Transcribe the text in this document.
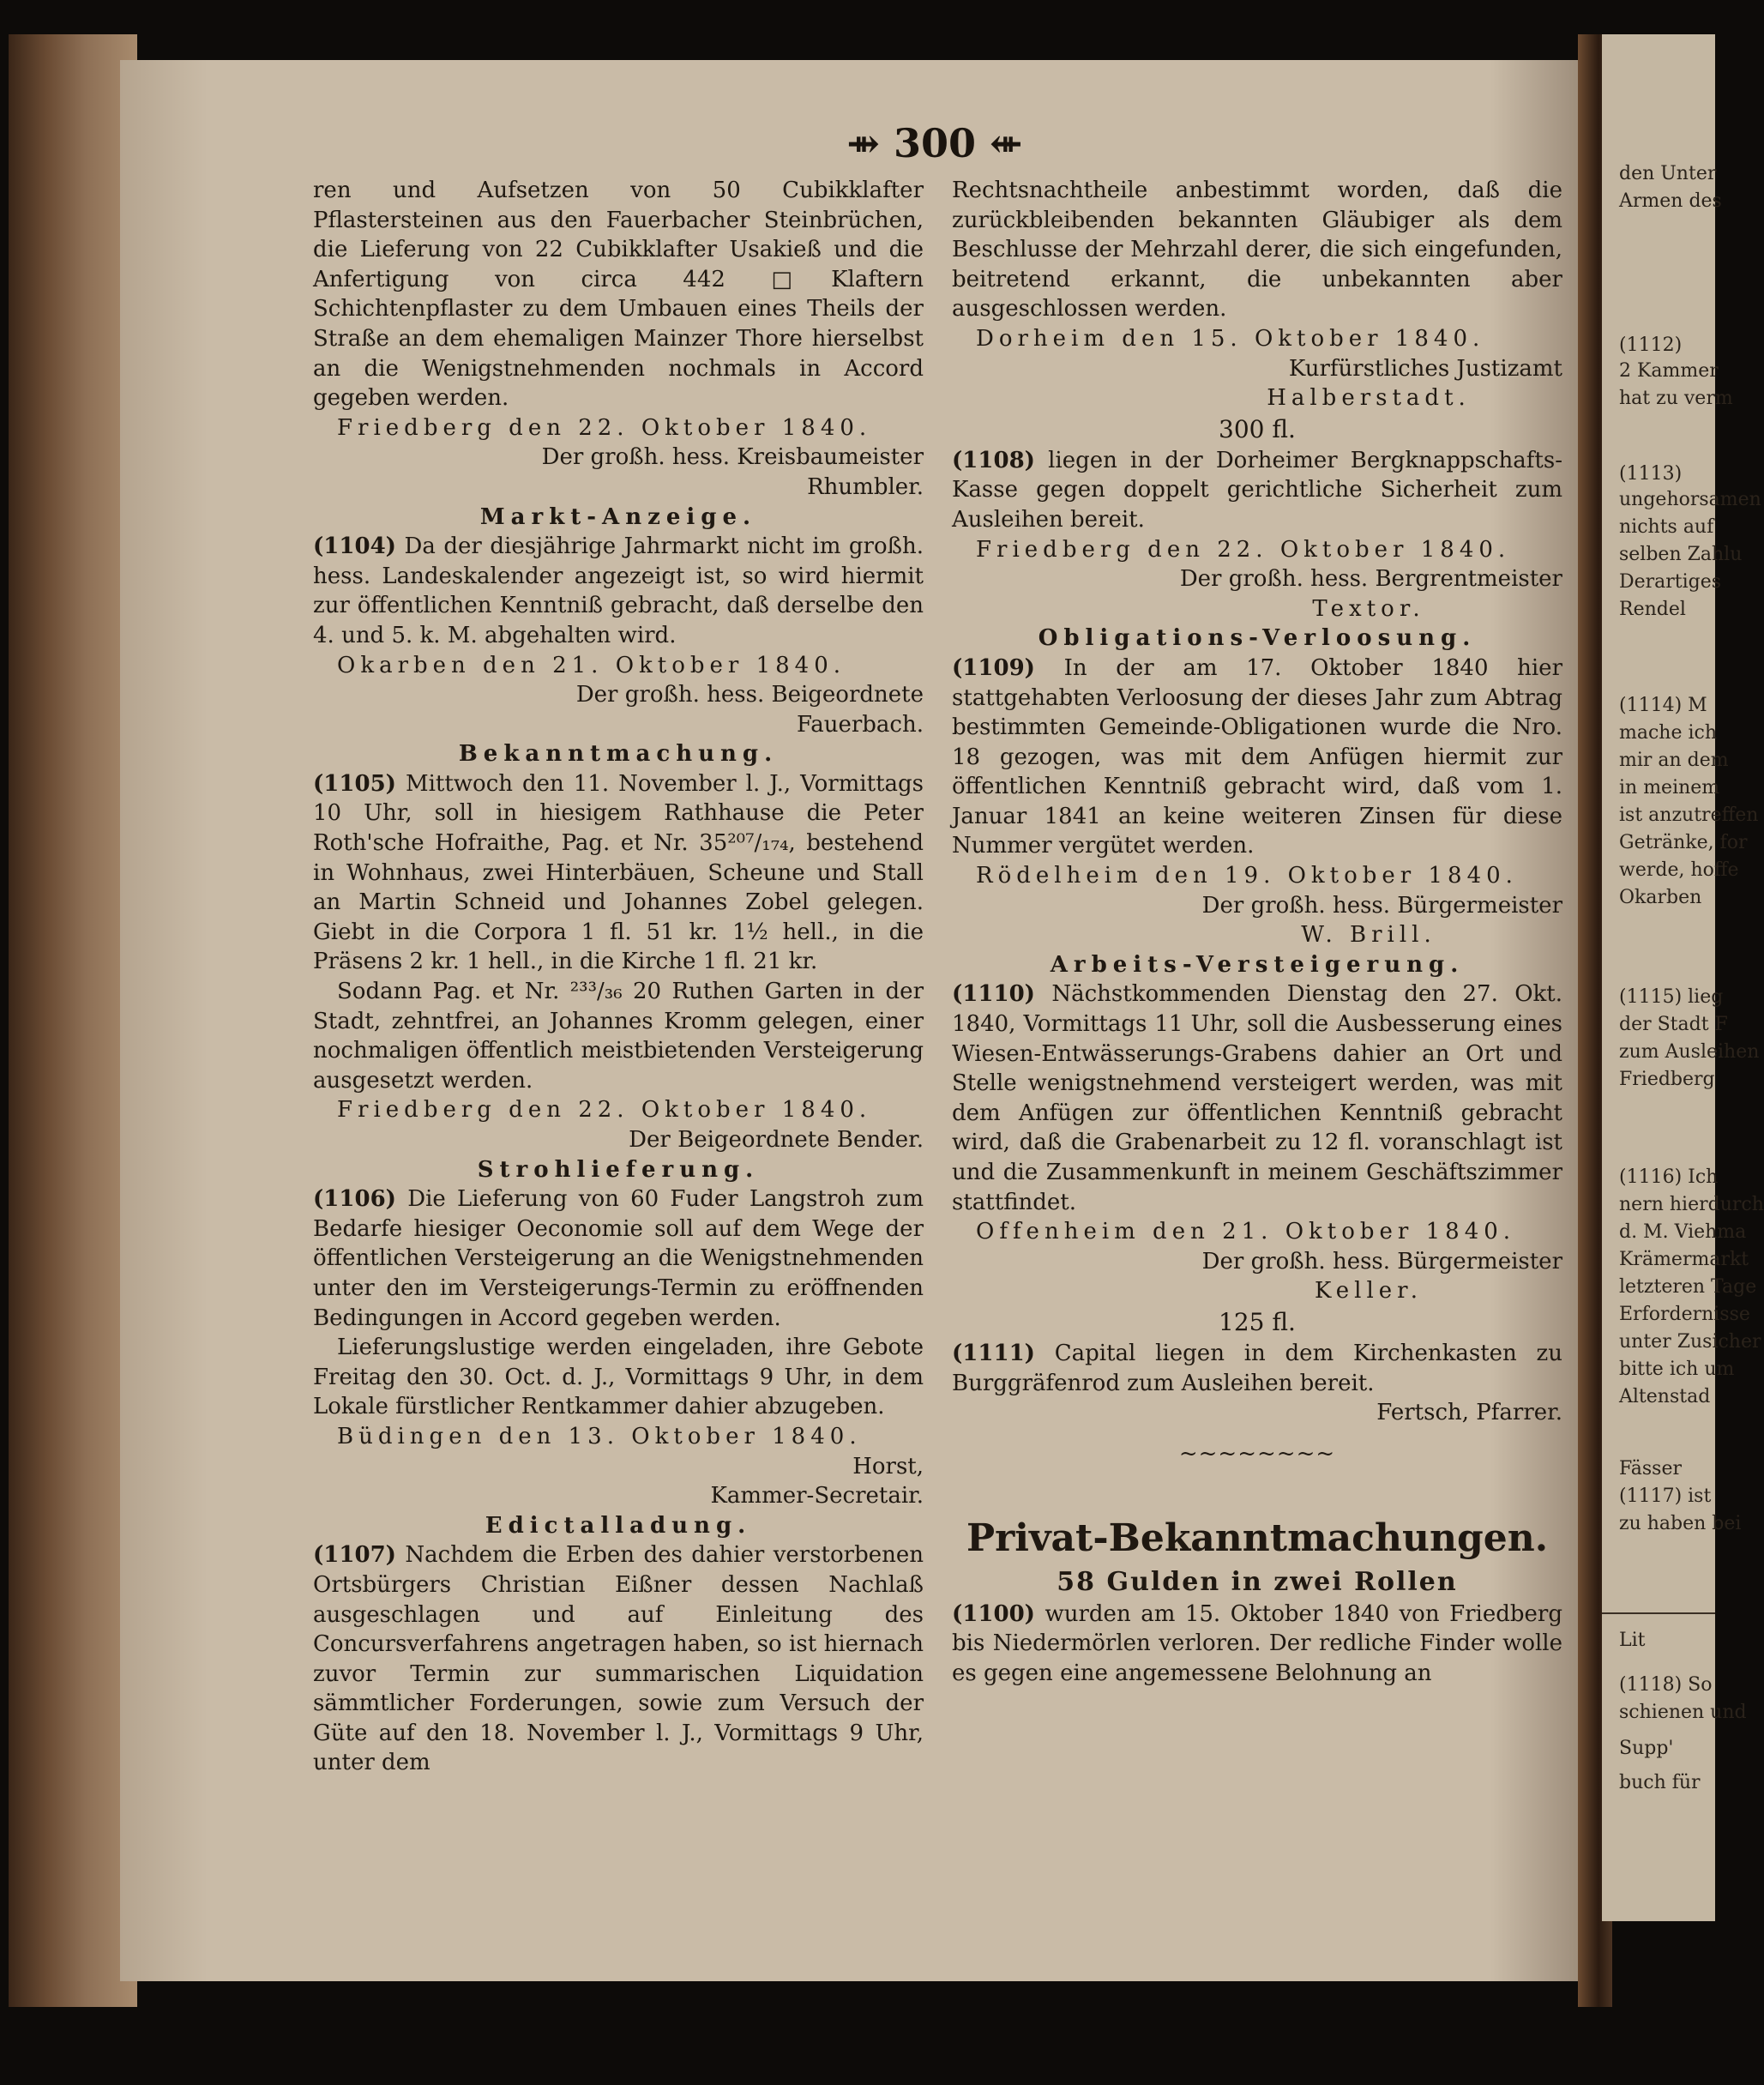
den Unter
Armen des
(1112)
2 Kammer
hat zu verm
(1113)
ungehorsamen
nichts auf
selben Zahlu
Derartiges
Rendel
(1114) M
mache ich
mir an dem
in meinem
ist anzutreffen
Getränke, for
werde, hoffe
Okarben
(1115) lieg
der Stadt F
zum Ausleihen
Friedberg
(1116) Ich
nern hierdurch
d. M. Viehma
Krämermarkt
letzteren Tage
Erfordernisse
unter Zusicher
bitte ich um
Altenstad
Fässer
(1117) ist
zu haben bei
Lit
(1118) So
schienen und
Supp'
buch für
⇻ 300 ⇺

ren und Aufsetzen von 50 Cubikklafter Pflastersteinen aus den Fauerbacher Steinbrüchen, die Lieferung von 22 Cubikklafter Usakieß und die Anfertigung von circa 442 □Klaftern Schichtenpflaster zu dem Umbauen eines Theils der Straße an dem ehemaligen Mainzer Thore hierselbst an die Wenigstnehmenden nochmals in Accord gegeben werden.

Friedberg den 22. Oktober 1840.

Der großh. hess. Kreisbaumeister

Rhumbler.

Markt-Anzeige.

(1104) Da der diesjährige Jahrmarkt nicht im großh. hess. Landeskalender angezeigt ist, so wird hiermit zur öffentlichen Kenntniß gebracht, daß derselbe den 4. und 5. k. M. abgehalten wird.

Okarben den 21. Oktober 1840.

Der großh. hess. Beigeordnete

Fauerbach.

Bekanntmachung.

(1105) Mittwoch den 11. November l. J., Vormittags 10 Uhr, soll in hiesigem Rathhause die Peter Roth'sche Hofraithe, Pag. et Nr. 35²⁰⁷/₁₇₄, bestehend in Wohnhaus, zwei Hinterbäuen, Scheune und Stall an Martin Schneid und Johannes Zobel gelegen. Giebt in die Corpora 1 fl. 51 kr. 1½ hell., in die Präsens 2 kr. 1 hell., in die Kirche 1 fl. 21 kr.

Sodann Pag. et Nr. ²³³/₃₆ 20 Ruthen Garten in der Stadt, zehntfrei, an Johannes Kromm gelegen, einer nochmaligen öffentlich meistbietenden Versteigerung ausgesetzt werden.

Friedberg den 22. Oktober 1840.

Der Beigeordnete Bender.

Strohlieferung.

(1106) Die Lieferung von 60 Fuder Langstroh zum Bedarfe hiesiger Oeconomie soll auf dem Wege der öffentlichen Versteigerung an die Wenigstnehmenden unter den im Versteigerungs-Termin zu eröffnenden Bedingungen in Accord gegeben werden.

Lieferungslustige werden eingeladen, ihre Gebote Freitag den 30. Oct. d. J., Vormittags 9 Uhr, in dem Lokale fürstlicher Rentkammer dahier abzugeben.

Büdingen den 13. Oktober 1840.

Horst,

Kammer-Secretair.

Edictalladung.

(1107) Nachdem die Erben des dahier verstorbenen Ortsbürgers Christian Eißner dessen Nachlaß ausgeschlagen und auf Einleitung des Concursverfahrens angetragen haben, so ist hiernach zuvor Termin zur summarischen Liquidation sämmtlicher Forderungen, sowie zum Versuch der Güte auf den 18. November l. J., Vormittags 9 Uhr, unter dem

Rechtsnachtheile anbestimmt worden, daß die zurückbleibenden bekannten Gläubiger als dem Beschlusse der Mehrzahl derer, die sich eingefunden, beitretend erkannt, die unbekannten aber ausgeschlossen werden.

Dorheim den 15. Oktober 1840.

Kurfürstliches Justizamt

Halberstadt.

300 fl.

(1108) liegen in der Dorheimer Bergknappschafts-Kasse gegen doppelt gerichtliche Sicherheit zum Ausleihen bereit.

Friedberg den 22. Oktober 1840.

Der großh. hess. Bergrentmeister

Textor.

Obligations-Verloosung.

(1109) In der am 17. Oktober 1840 hier stattgehabten Verloosung der dieses Jahr zum Abtrag bestimmten Gemeinde-Obligationen wurde die Nro. 18 gezogen, was mit dem Anfügen hiermit zur öffentlichen Kenntniß gebracht wird, daß vom 1. Januar 1841 an keine weiteren Zinsen für diese Nummer vergütet werden.

Rödelheim den 19. Oktober 1840.

Der großh. hess. Bürgermeister

W. Brill.

Arbeits-Versteigerung.

(1110) Nächstkommenden Dienstag den 27. Okt. 1840, Vormittags 11 Uhr, soll die Ausbesserung eines Wiesen-Entwässerungs-Grabens dahier an Ort und Stelle wenigstnehmend versteigert werden, was mit dem Anfügen zur öffentlichen Kenntniß gebracht wird, daß die Grabenarbeit zu 12 fl. voranschlagt ist und die Zusammenkunft in meinem Geschäftszimmer stattfindet.

Offenheim den 21. Oktober 1840.

Der großh. hess. Bürgermeister

Keller.

125 fl.

(1111) Capital liegen in dem Kirchenkasten zu Burggräfenrod zum Ausleihen bereit.

Fertsch, Pfarrer.

~~~~~~~~
Privat-Bekanntmachungen.
58 Gulden in zwei Rollen

(1100) wurden am 15. Oktober 1840 von Friedberg bis Niedermörlen verloren. Der redliche Finder wolle es gegen eine angemessene Belohnung an
